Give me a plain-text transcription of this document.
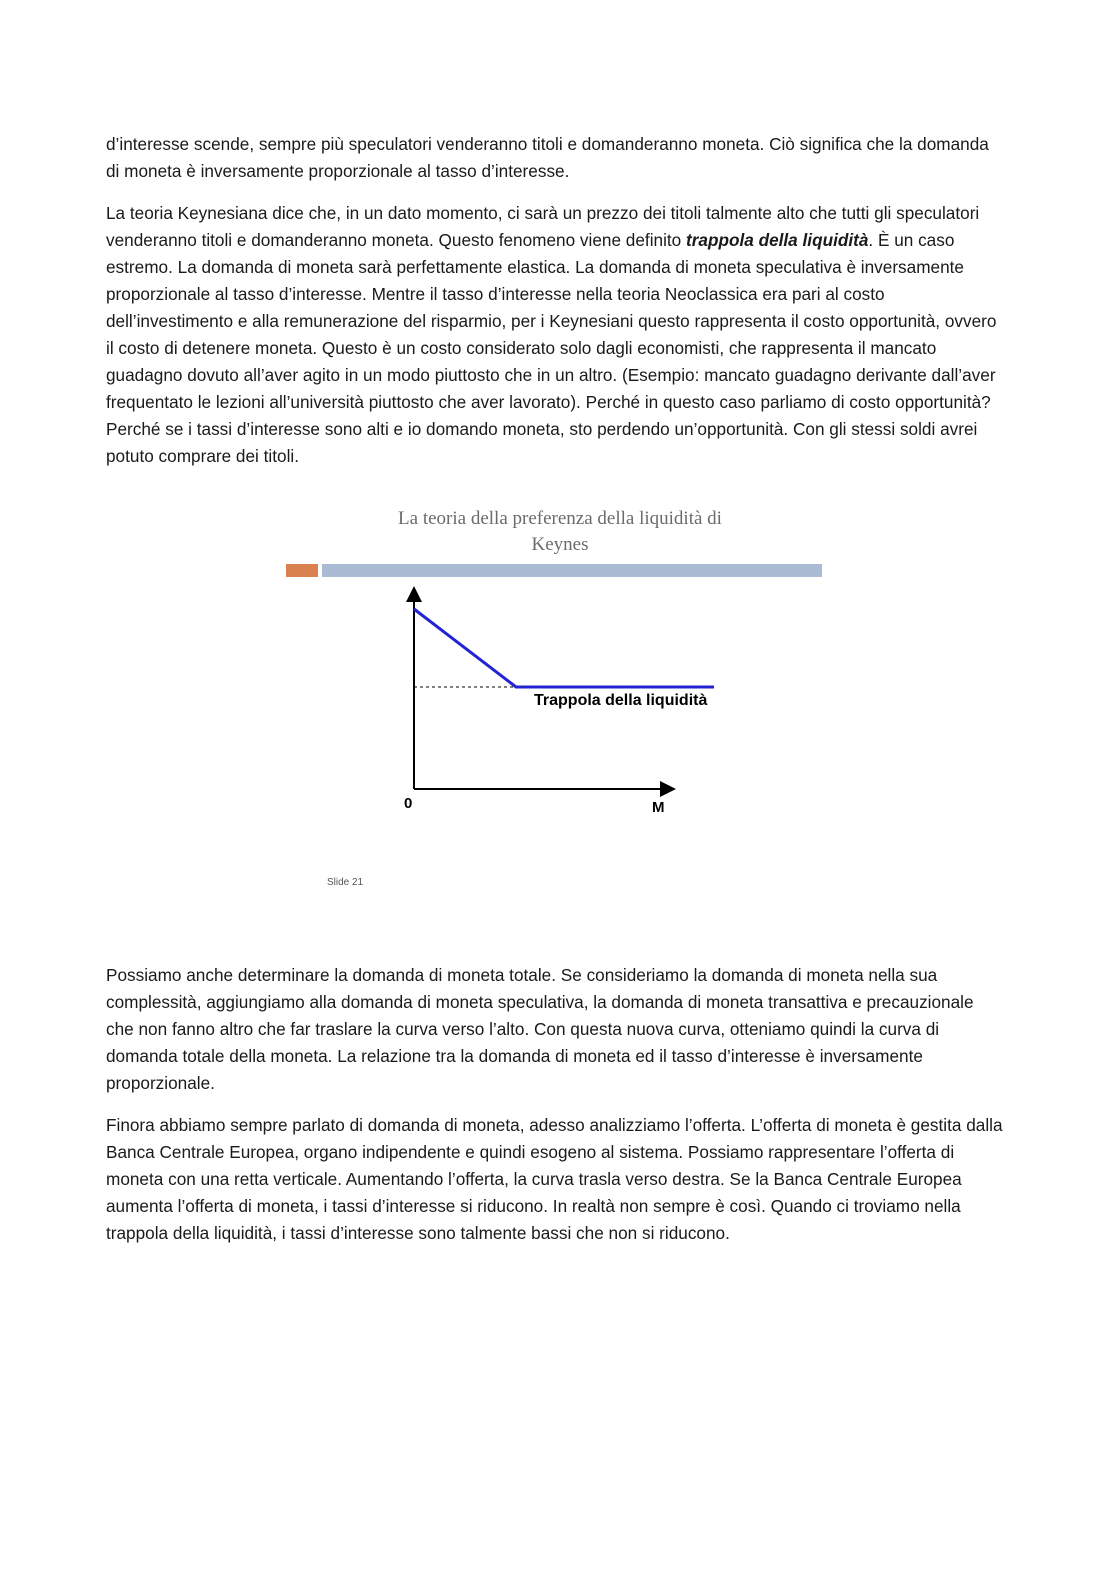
d’interesse scende, sempre più speculatori venderanno titoli e domanderanno moneta. Ciò significa che la domanda di moneta è inversamente proporzionale al tasso d’interesse.

La teoria Keynesiana dice che, in un dato momento, ci sarà un prezzo dei titoli talmente alto che tutti gli speculatori venderanno titoli e domanderanno moneta. Questo fenomeno viene definito trappola della liquidità. È un caso estremo. La domanda di moneta sarà perfettamente elastica. La domanda di moneta speculativa è inversamente proporzionale al tasso d’interesse. Mentre il tasso d’interesse nella teoria Neoclassica era pari al costo dell’investimento e alla remunerazione del risparmio, per i Keynesiani questo rappresenta il costo opportunità, ovvero il costo di detenere moneta. Questo è un costo considerato solo dagli economisti, che rappresenta il mancato guadagno dovuto all’aver agito in un modo piuttosto che in un altro. (Esempio: mancato guadagno derivante dall’aver frequentato le lezioni all’università piuttosto che aver lavorato). Perché in questo caso parliamo di costo opportunità? Perché se i tassi d’interesse sono alti e io domando moneta, sto perdendo un’opportunità. Con gli stessi soldi avrei potuto comprare dei titoli.

La teoria della preferenza della liquidità di
Keynes
0	M
Trappola della liquidità
Slide 21

Possiamo anche determinare la domanda di moneta totale. Se consideriamo la domanda di moneta nella sua complessità, aggiungiamo alla domanda di moneta speculativa, la domanda di moneta transattiva e precauzionale che non fanno altro che far traslare la curva verso l’alto. Con questa nuova curva, otteniamo quindi la curva di domanda totale della moneta. La relazione tra la domanda di moneta ed il tasso d’interesse è inversamente proporzionale.

Finora abbiamo sempre parlato di domanda di moneta, adesso analizziamo l’offerta. L’offerta di moneta è gestita dalla Banca Centrale Europea, organo indipendente e quindi esogeno al sistema. Possiamo rappresentare l’offerta di moneta con una retta verticale. Aumentando l’offerta, la curva trasla verso destra. Se la Banca Centrale Europea aumenta l’offerta di moneta, i tassi d’interesse si riducono. In realtà non sempre è così. Quando ci troviamo nella trappola della liquidità, i tassi d’interesse sono talmente bassi che non si riducono.
